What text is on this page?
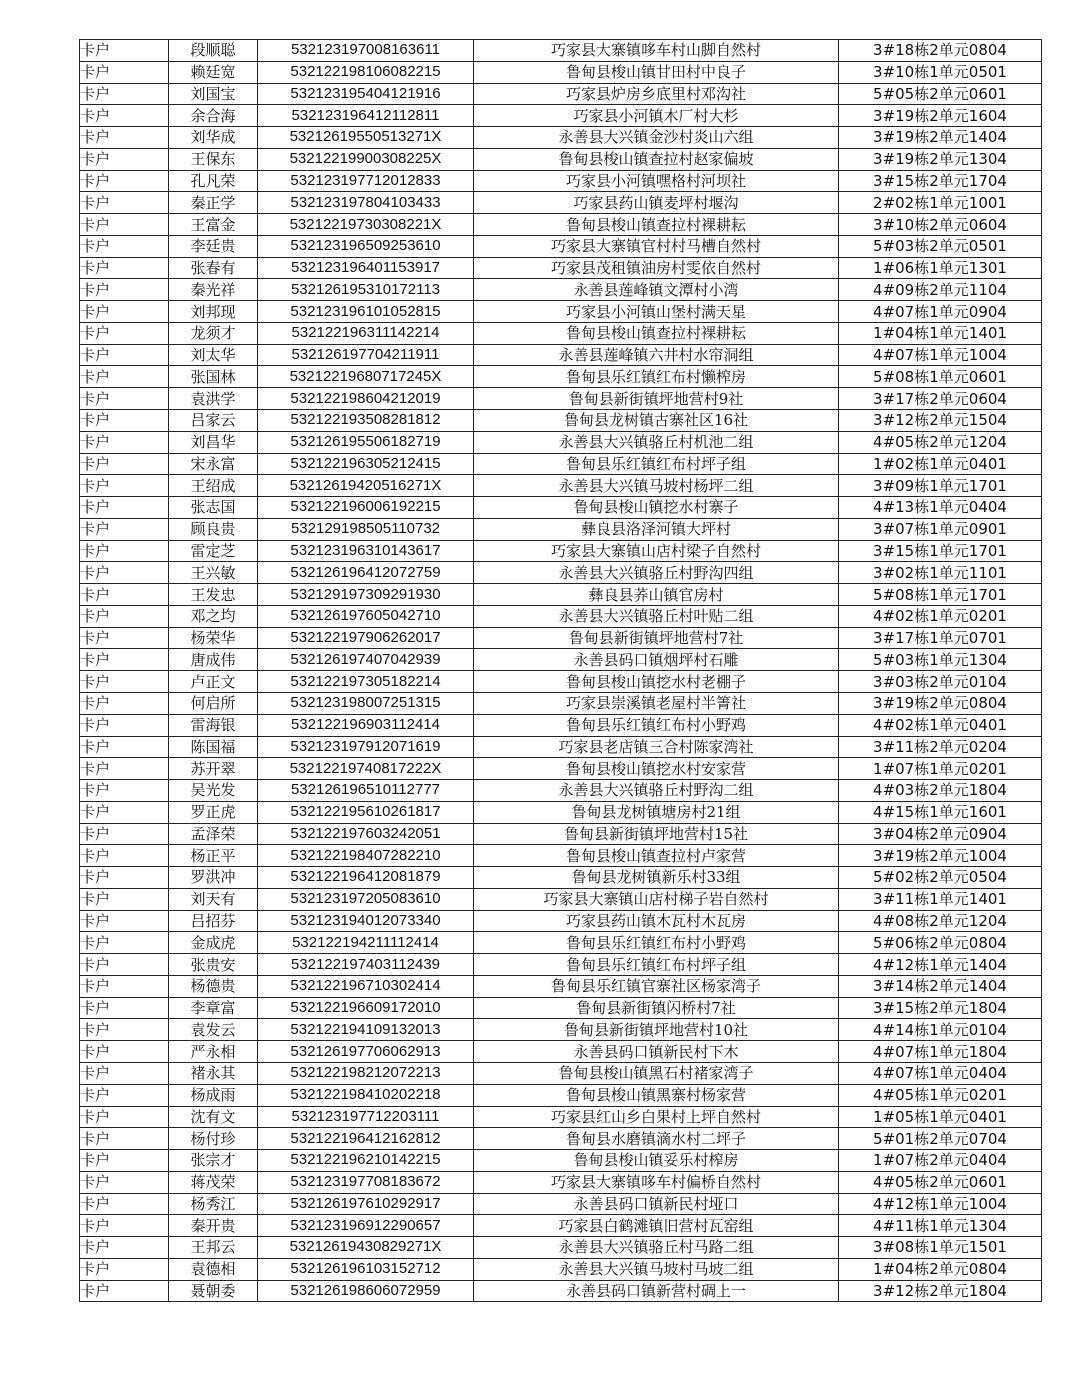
卡户	段顺聪	532123197008163611	巧家县大寨镇哆车村山脚自然村	3#18栋2单元0804
卡户	赖廷宽	532122198106082215	鲁甸县梭山镇甘田村中良子	3#10栋1单元0501
卡户	刘国宝	532123195404121916	巧家县炉房乡底里村邓沟社	5#05栋2单元0601
卡户	余合海	532123196412112811	巧家县小河镇木厂村大杉	3#19栋2单元1604
卡户	刘华成	53212619550513271X	永善县大兴镇金沙村炎山六组	3#19栋2单元1404
卡户	王保东	53212219900308225X	鲁甸县梭山镇查拉村赵家偏坡	3#19栋2单元1304
卡户	孔凡荣	532123197712012833	巧家县小河镇嘿格村河坝社	3#15栋2单元1704
卡户	秦正学	532123197804103433	巧家县药山镇麦坪村堰沟	2#02栋1单元1001
卡户	王富金	53212219730308221X	鲁甸县梭山镇查拉村裸耕耘	3#10栋2单元0604
卡户	李廷贵	532123196509253610	巧家县大寨镇官村村马槽自然村	5#03栋2单元0501
卡户	张春有	532123196401153917	巧家县茂租镇油房村雯依自然村	1#06栋1单元1301
卡户	秦光祥	532126195310172113	永善县莲峰镇文潭村小湾	4#09栋2单元1104
卡户	刘邦现	532123196101052815	巧家县小河镇山堡村满天星	4#07栋1单元0904
卡户	龙须才	532122196311142214	鲁甸县梭山镇查拉村裸耕耘	1#04栋1单元1401
卡户	刘太华	532126197704211911	永善县莲峰镇六井村水帘洞组	4#07栋1单元1004
卡户	张国林	53212219680717245X	鲁甸县乐红镇红布村懒榨房	5#08栋1单元0601
卡户	袁洪学	532122198604212019	鲁甸县新街镇坪地营村9社	3#17栋2单元0604
卡户	吕家云	532122193508281812	鲁甸县龙树镇古寨社区16社	3#12栋2单元1504
卡户	刘昌华	532126195506182719	永善县大兴镇骆丘村机池二组	4#05栋2单元1204
卡户	宋永富	532122196305212415	鲁甸县乐红镇红布村坪子组	1#02栋1单元0401
卡户	王绍成	53212619420516271X	永善县大兴镇马坡村杨坪二组	3#09栋1单元1701
卡户	张志国	532122196006192215	鲁甸县梭山镇挖水村寨子	4#13栋1单元0404
卡户	顾良贵	532129198505110732	彝良县洛泽河镇大坪村	3#07栋1单元0901
卡户	雷定芝	532123196310143617	巧家县大寨镇山店村梁子自然村	3#15栋1单元1701
卡户	王兴敏	532126196412072759	永善县大兴镇骆丘村野沟四组	3#02栋1单元1101
卡户	王发忠	532129197309291930	彝良县荞山镇官房村	5#08栋1单元1701
卡户	邓之均	532126197605042710	永善县大兴镇骆丘村叶贴二组	4#02栋1单元0201
卡户	杨荣华	532122197906262017	鲁甸县新街镇坪地营村7社	3#17栋1单元0701
卡户	唐成伟	532126197407042939	永善县码口镇烟坪村石雕	5#03栋1单元1304
卡户	卢正文	532122197305182214	鲁甸县梭山镇挖水村老棚子	3#03栋2单元0104
卡户	何启所	532123198007251315	巧家县崇溪镇老屋村半箐社	3#19栋2单元0804
卡户	雷海银	532122196903112414	鲁甸县乐红镇红布村小野鸡	4#02栋1单元0401
卡户	陈国福	532123197912071619	巧家县老店镇三合村陈家湾社	3#11栋2单元0204
卡户	苏开翠	53212219740817222X	鲁甸县梭山镇挖水村安家营	1#07栋1单元0201
卡户	吴光发	532126196510112777	永善县大兴镇骆丘村野沟二组	4#03栋2单元1804
卡户	罗正虎	532122195610261817	鲁甸县龙树镇塘房村21组	4#15栋1单元1601
卡户	孟泽荣	532122197603242051	鲁甸县新街镇坪地营村15社	3#04栋2单元0904
卡户	杨正平	532122198407282210	鲁甸县梭山镇查拉村卢家营	3#19栋2单元1004
卡户	罗洪冲	532122196412081879	鲁甸县龙树镇新乐村33组	5#02栋2单元0504
卡户	刘天有	532123197205083610	巧家县大寨镇山店村梯子岩自然村	3#11栋1单元1401
卡户	吕招芬	532123194012073340	巧家县药山镇木瓦村木瓦房	4#08栋2单元1204
卡户	金成虎	532122194211112414	鲁甸县乐红镇红布村小野鸡	5#06栋2单元0804
卡户	张贵安	532122197403112439	鲁甸县乐红镇红布村坪子组	4#12栋1单元1404
卡户	杨德贵	532122196710302414	鲁甸县乐红镇官寨社区杨家湾子	3#14栋2单元1404
卡户	李章富	532122196609172010	鲁甸县新街镇闪桥村7社	3#15栋2单元1804
卡户	袁发云	532122194109132013	鲁甸县新街镇坪地营村10社	4#14栋1单元0104
卡户	严永相	532126197706062913	永善县码口镇新民村下木	4#07栋1单元1804
卡户	褚永其	532122198212072213	鲁甸县梭山镇黑石村褚家湾子	4#07栋1单元0404
卡户	杨成雨	532122198410202218	鲁甸县梭山镇黑寨村杨家营	4#05栋1单元0201
卡户	沈有文	532123197712203111	巧家县红山乡白果村上坪自然村	1#05栋1单元0401
卡户	杨付珍	532122196412162812	鲁甸县水磨镇滴水村二坪子	5#01栋2单元0704
卡户	张宗才	532122196210142215	鲁甸县梭山镇妥乐村榨房	1#07栋2单元0404
卡户	蒋茂荣	532123197708183672	巧家县大寨镇哆车村偏桥自然村	4#05栋2单元0601
卡户	杨秀江	532126197610292917	永善县码口镇新民村垭口	4#12栋1单元1004
卡户	秦开贵	532123196912290657	巧家县白鹤滩镇旧营村瓦窑组	4#11栋1单元1304
卡户	王邦云	53212619430829271X	永善县大兴镇骆丘村马路二组	3#08栋1单元1501
卡户	袁德相	532126196103152712	永善县大兴镇马坡村马坡二组	1#04栋2单元0804
卡户	聂朝委	532126198606072959	永善县码口镇新营村碉上一	3#12栋2单元1804
